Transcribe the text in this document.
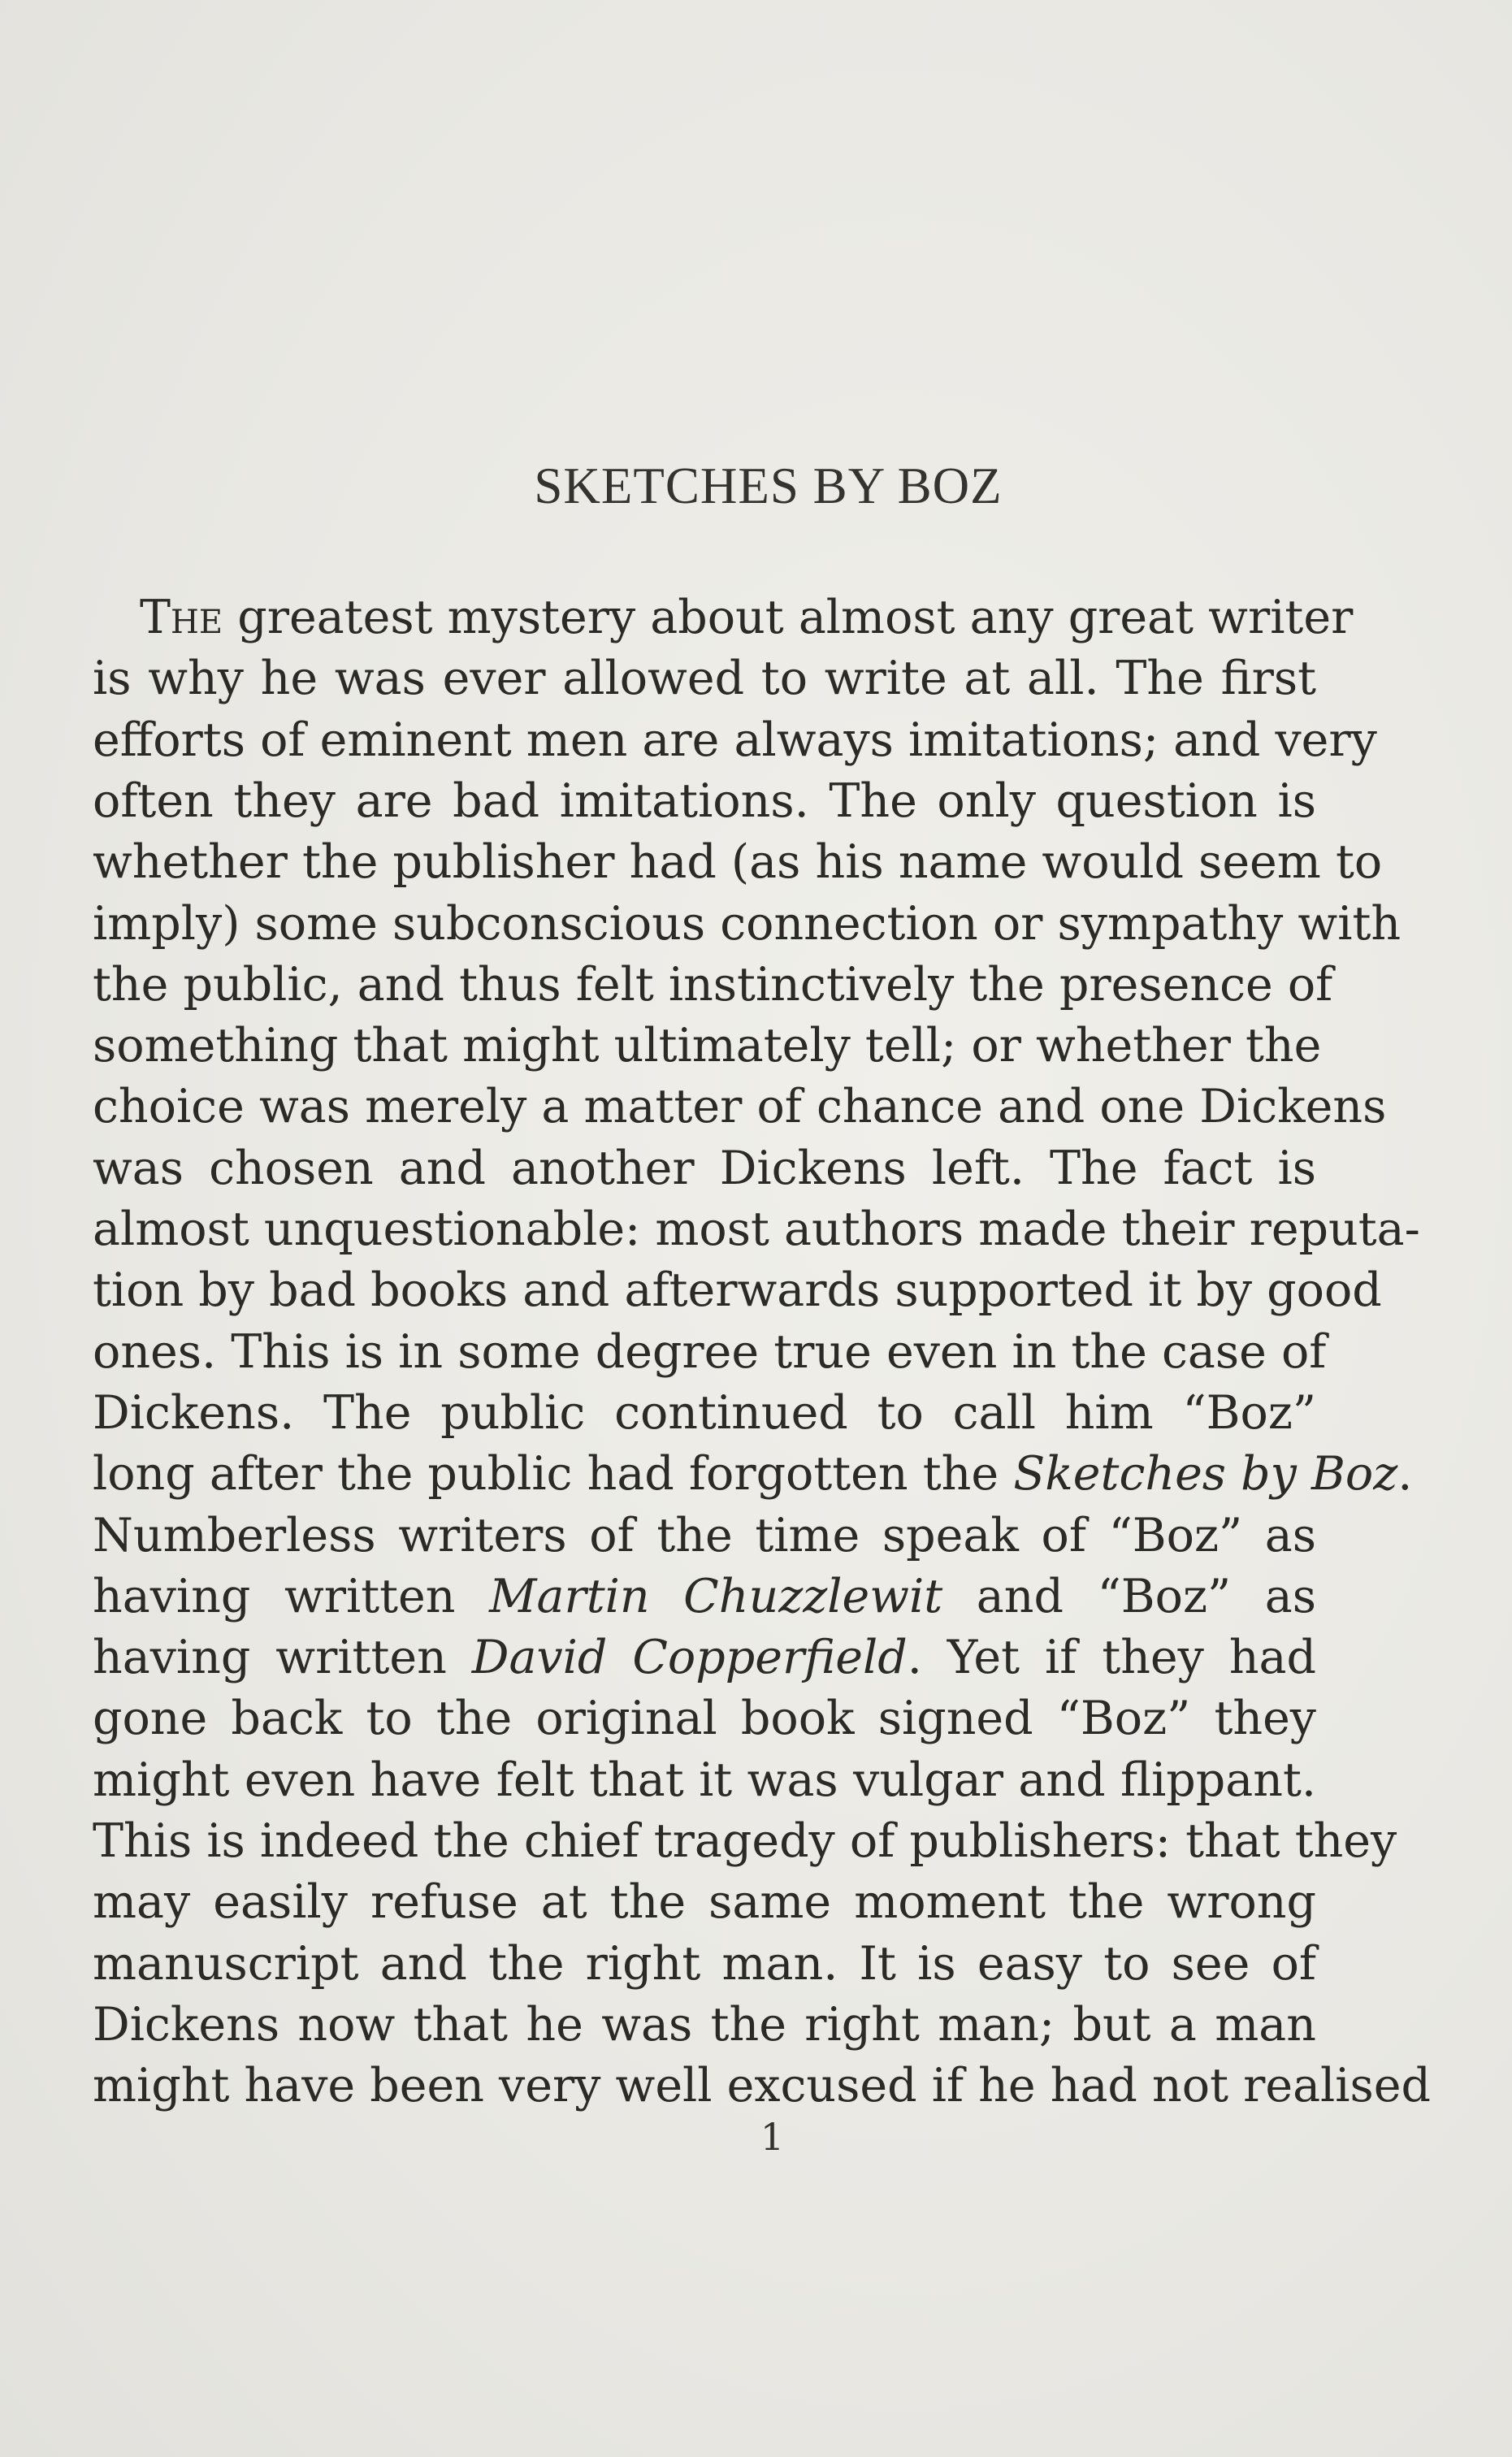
SKETCHES BY BOZ
The greatest mystery about almost any great writer
is why he was ever allowed to write at all. The first
efforts of eminent men are always imitations; and very
often they are bad imitations. The only question is
whether the publisher had (as his name would seem to
imply) some subconscious connection or sympathy with
the public, and thus felt instinctively the presence of
something that might ultimately tell; or whether the
choice was merely a matter of chance and one Dickens
was chosen and another Dickens left. The fact is
almost unquestionable: most authors made their reputa-
tion by bad books and afterwards supported it by good
ones. This is in some degree true even in the case of
Dickens. The public continued to call him “Boz”
long after the public had forgotten the Sketches by Boz.
Numberless writers of the time speak of “Boz” as
having written Martin Chuzzlewit and “Boz” as
having written David Copperfield. Yet if they had
gone back to the original book signed “Boz” they
might even have felt that it was vulgar and flippant.
This is indeed the chief tragedy of publishers: that they
may easily refuse at the same moment the wrong
manuscript and the right man. It is easy to see of
Dickens now that he was the right man; but a man
might have been very well excused if he had not realised
1
